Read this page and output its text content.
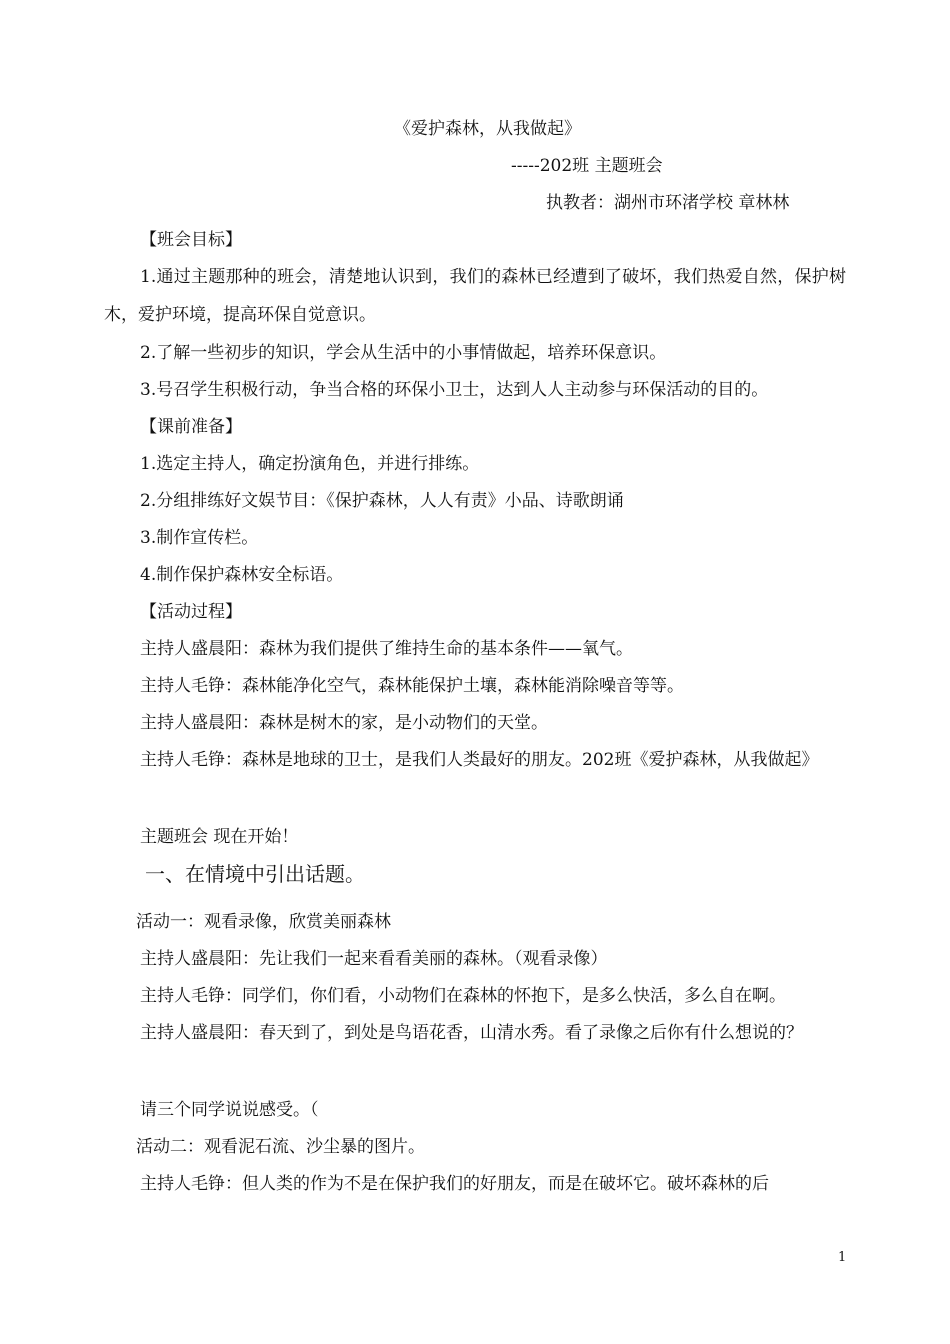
《爱护森林，从我做起》
-----202班 主题班会
执教者：湖州市环渚学校 章林林
【班会目标】
1.通过主题那种的班会，清楚地认识到，我们的森林已经遭到了破坏，我们热爱自然，保护树木，爱护环境，提高环保自觉意识。
2.了解一些初步的知识，学会从生活中的小事情做起，培养环保意识。
3.号召学生积极行动，争当合格的环保小卫士，达到人人主动参与环保活动的目的。
【课前准备】
1.选定主持人，确定扮演角色，并进行排练。
2.分组排练好文娱节目：《保护森林，人人有责》小品、诗歌朗诵
3.制作宣传栏。
4.制作保护森林安全标语。
【活动过程】
主持人盛晨阳：森林为我们提供了维持生命的基本条件——氧气。
主持人毛铮：森林能净化空气，森林能保护土壤，森林能消除噪音等等。
主持人盛晨阳：森林是树木的家，是小动物们的天堂。
主持人毛铮：森林是地球的卫士，是我们人类最好的朋友。202班《爱护森林，从我做起》
主题班会 现在开始！
一、在情境中引出话题。
活动一：观看录像，欣赏美丽森林
主持人盛晨阳：先让我们一起来看看美丽的森林。（观看录像）
主持人毛铮：同学们，你们看，小动物们在森林的怀抱下，是多么快活，多么自在啊。
主持人盛晨阳：春天到了，到处是鸟语花香，山清水秀。看了录像之后你有什么想说的？
请三个同学说说感受。（
活动二：观看泥石流、沙尘暴的图片。
主持人毛铮：但人类的作为不是在保护我们的好朋友，而是在破坏它。破坏森林的后
1
